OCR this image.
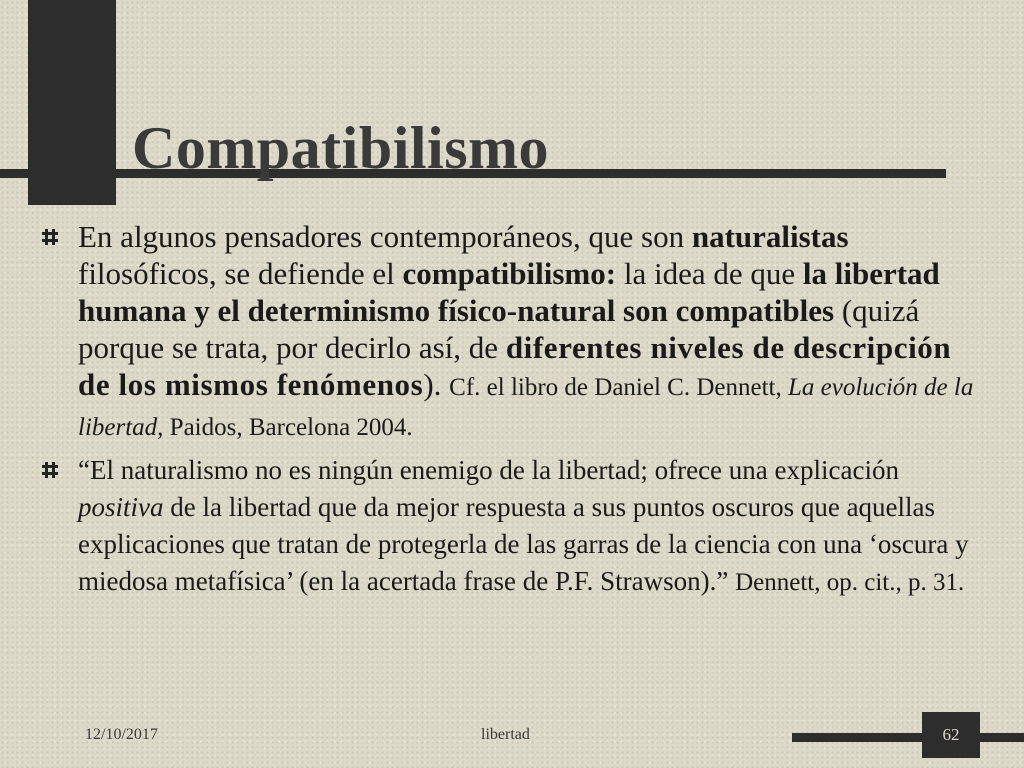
Compatibilismo
En algunos pensadores contemporáneos, que son naturalistas filosóficos, se defiende el compatibilismo: la idea de que la libertad humana y el determinismo físico-natural son compatibles (quizá porque se trata, por decirlo así, de diferentes niveles de descripción de los mismos fenómenos). Cf. el libro de Daniel C. Dennett, La evolución de la libertad, Paidos, Barcelona 2004.
“El naturalismo no es ningún enemigo de la libertad; ofrece una explicación positiva de la libertad que da mejor respuesta a sus puntos oscuros que aquellas explicaciones que tratan de protegerla de las garras de la ciencia con una ‘oscura y miedosa metafísica’ (en la acertada frase de P.F. Strawson).” Dennett, op. cit., p. 31.
12/10/2017	libertad	62
